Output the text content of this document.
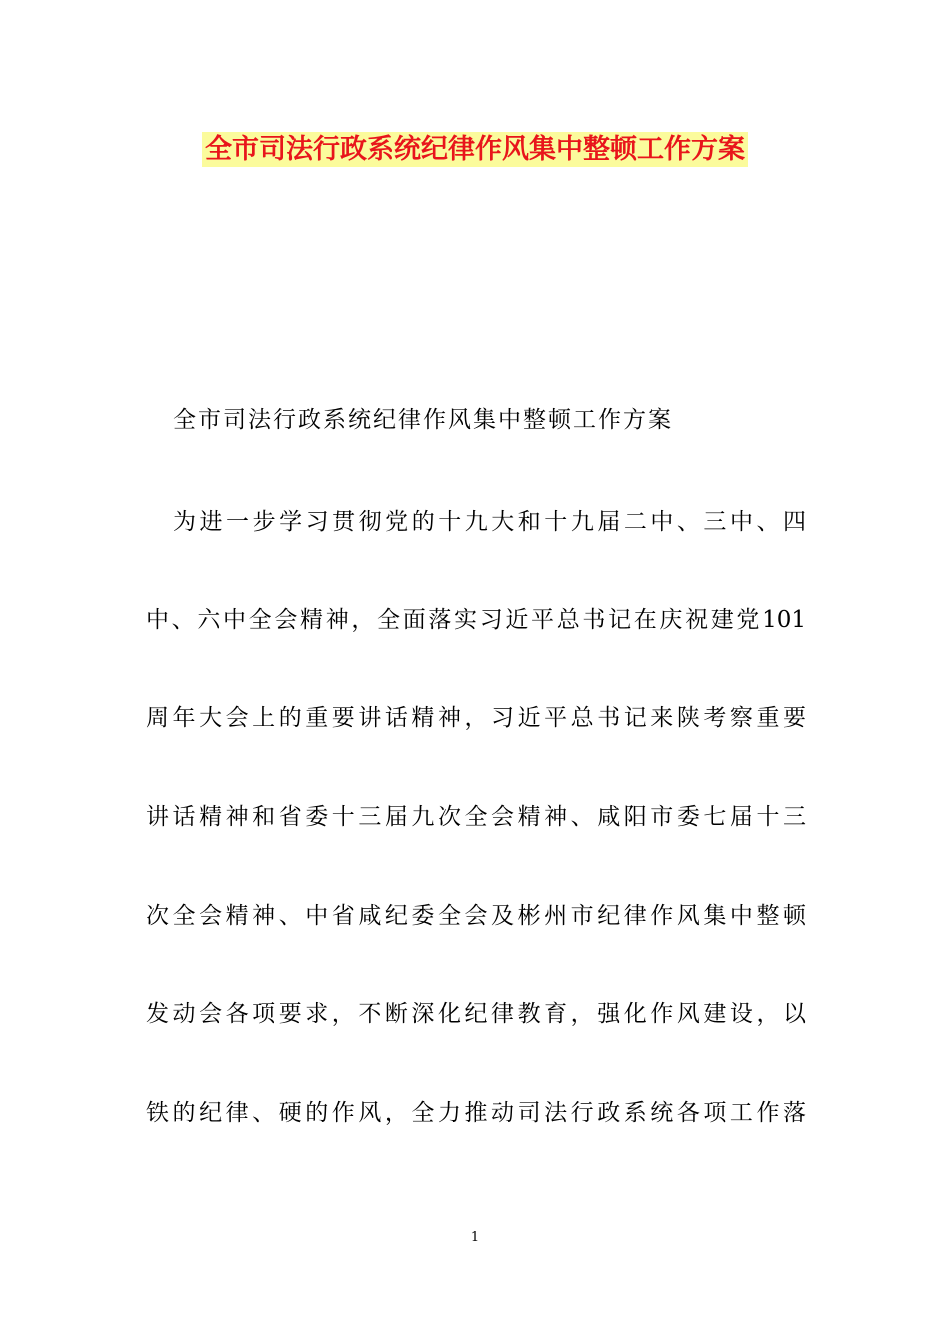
全市司法行政系统纪律作风集中整顿工作方案
全市司法行政系统纪律作风集中整顿工作方案
为进一步学习贯彻党的十九大和十九届二中、三中、四
中、六中全会精神，全面落实习近平总书记在庆祝建党101
周年大会上的重要讲话精神，习近平总书记来陕考察重要
讲话精神和省委十三届九次全会精神、咸阳市委七届十三
次全会精神、中省咸纪委全会及彬州市纪律作风集中整顿
发动会各项要求，不断深化纪律教育，强化作风建设，以
铁的纪律、硬的作风，全力推动司法行政系统各项工作落
1
